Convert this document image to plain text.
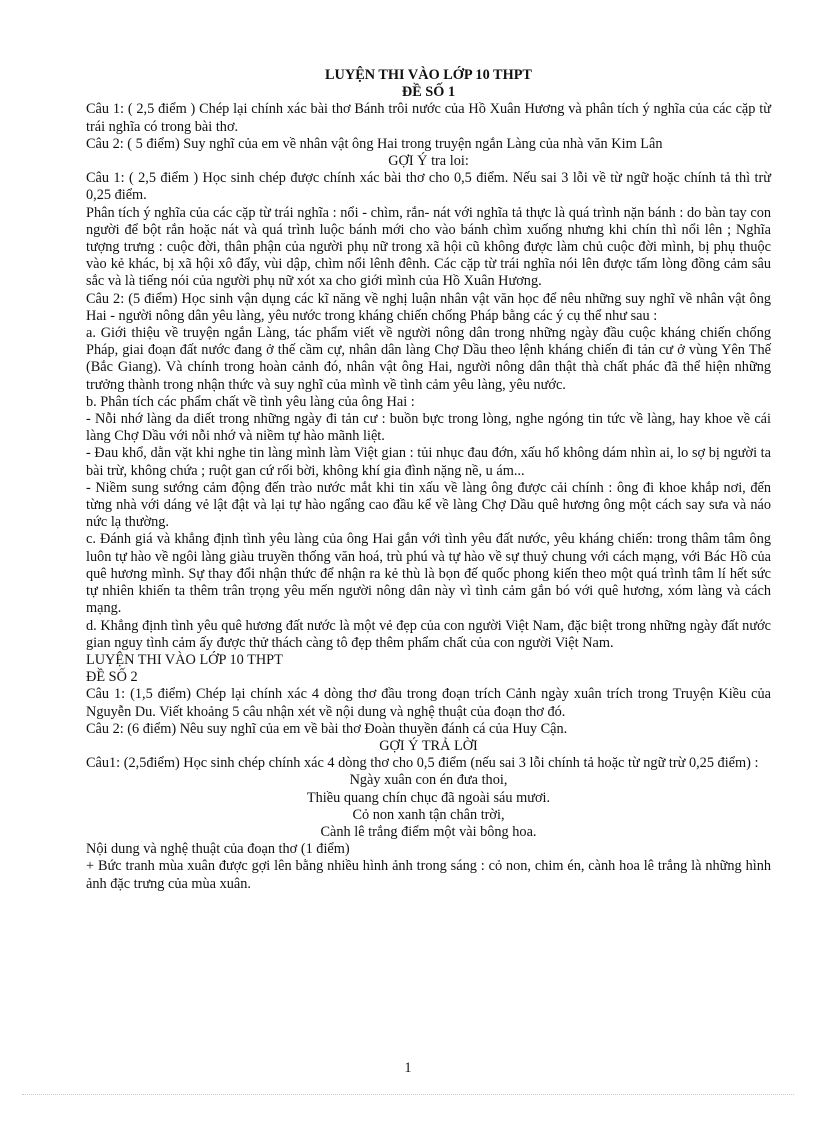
LUYỆN THI VÀO LỚP 10 THPT

ĐỀ SỐ 1

Câu 1: ( 2,5 điểm ) Chép lại chính xác bài thơ Bánh trôi nước của Hồ Xuân Hương và phân tích ý nghĩa của các cặp từ trái nghĩa có trong bài thơ.

Câu 2: ( 5 điểm) Suy nghĩ của em về nhân vật ông Hai trong truyện ngắn Làng của nhà văn Kim Lân

GỢI Ý tra loi:

Câu 1: ( 2,5 điểm ) Học sinh chép được chính xác bài thơ cho 0,5 điểm. Nếu sai 3 lỗi về từ ngữ hoặc chính tả thì trừ 0,25 điểm.

Phân tích ý nghĩa của các cặp từ trái nghĩa : nổi - chìm, rắn- nát với nghĩa tả thực là quá trình nặn bánh : do bàn tay con người để bột rắn hoặc nát và quá trình luộc bánh mới cho vào bánh chìm xuống nhưng khi chín thì nổi lên ; Nghĩa tượng trưng : cuộc đời, thân phận của người phụ nữ trong xã hội cũ không được làm chủ cuộc đời mình, bị phụ thuộc vào kẻ khác, bị xã hội xô đẩy, vùi dập, chìm nổi lênh đênh. Các cặp từ trái nghĩa nói lên được tấm lòng đồng cảm sâu sắc và là tiếng nói của người phụ nữ xót xa cho giới mình của Hồ Xuân Hương.

Câu 2: (5 điểm) Học sinh vận dụng các kĩ năng về nghị luận nhân vật văn học để nêu những suy nghĩ về nhân vật ông Hai - người nông dân yêu làng, yêu nước trong kháng chiến chống Pháp bằng các ý cụ thể như sau :

a. Giới thiệu về truyện ngắn Làng, tác phẩm viết về người nông dân trong những ngày đầu cuộc kháng chiến chống Pháp, giai đoạn đất nước đang ở thế cầm cự, nhân dân làng Chợ Dầu theo lệnh kháng chiến đi tản cư ở vùng Yên Thế (Bắc Giang). Và chính trong hoàn cảnh đó, nhân vật ông Hai, người nông dân thật thà chất phác đã thể hiện những trưởng thành trong nhận thức và suy nghĩ của mình về tình cảm yêu làng, yêu nước.

b. Phân tích các phẩm chất về tình yêu làng của ông Hai :

- Nỗi nhớ làng da diết trong những ngày đi tản cư : buồn bực trong lòng, nghe ngóng tin tức về làng, hay khoe về cái làng Chợ Dầu với nỗi nhớ và niềm tự hào mãnh liệt.

- Đau khổ, dằn vặt khi nghe tin làng mình làm Việt gian : tủi nhục đau đớn, xấu hổ không dám nhìn ai, lo sợ bị người ta bài trừ, không chứa ; ruột gan cứ rối bời, không khí gia đình nặng nề, u ám...

- Niềm sung sướng cảm động đến trào nước mắt khi tin xấu về làng ông được cải chính : ông đi khoe khắp nơi, đến từng nhà với dáng vẻ lật đật và lại tự hào ngẩng cao đầu kể về làng Chợ Dầu quê hương ông một cách say sưa và náo nức lạ thường.

c. Đánh giá và khẳng định tình yêu làng của ông Hai gắn với tình yêu đất nước, yêu kháng chiến: trong thâm tâm ông luôn tự hào về ngôi làng giàu truyền thống văn hoá, trù phú và tự hào về sự thuỷ chung với cách mạng, với Bác Hồ của quê hương mình. Sự thay đổi nhận thức để nhận ra kẻ thù là bọn đế quốc phong kiến theo một quá trình tâm lí hết sức tự nhiên khiến ta thêm trân trọng yêu mến người nông dân này vì tình cảm gắn bó với quê hương, xóm làng và cách mạng.

d. Khẳng định tình yêu quê hương đất nước là một vẻ đẹp của con người Việt Nam, đặc biệt trong những ngày đất nước gian nguy tình cảm ấy được thử thách càng tô đẹp thêm phẩm chất của con người Việt Nam.

LUYỆN THI VÀO LỚP 10 THPT

ĐỀ SỐ 2

Câu 1: (1,5 điểm) Chép lại chính xác 4 dòng thơ đầu trong đoạn trích Cảnh ngày xuân trích trong Truyện Kiều của Nguyễn Du. Viết khoảng 5 câu nhận xét về nội dung và nghệ thuật của đoạn thơ đó.

Câu 2: (6 điểm) Nêu suy nghĩ của em về bài thơ Đoàn thuyền đánh cá của Huy Cận.

GỢI Ý TRẢ LỜI

Câu1: (2,5điểm) Học sinh chép chính xác 4 dòng thơ cho 0,5 điểm (nếu sai 3 lỗi chính tả hoặc từ ngữ trừ 0,25 điểm) :

Ngày xuân con én đưa thoi,

Thiều quang chín chục đã ngoài sáu mươi.

Cỏ non xanh tận chân trời,

Cành lê trắng điểm một vài bông hoa.

Nội dung và nghệ thuật của đoạn thơ (1 điểm)

+ Bức tranh mùa xuân được gợi lên bằng nhiều hình ảnh trong sáng : cỏ non, chim én, cành hoa lê trắng là những hình ảnh đặc trưng của mùa xuân.

1
